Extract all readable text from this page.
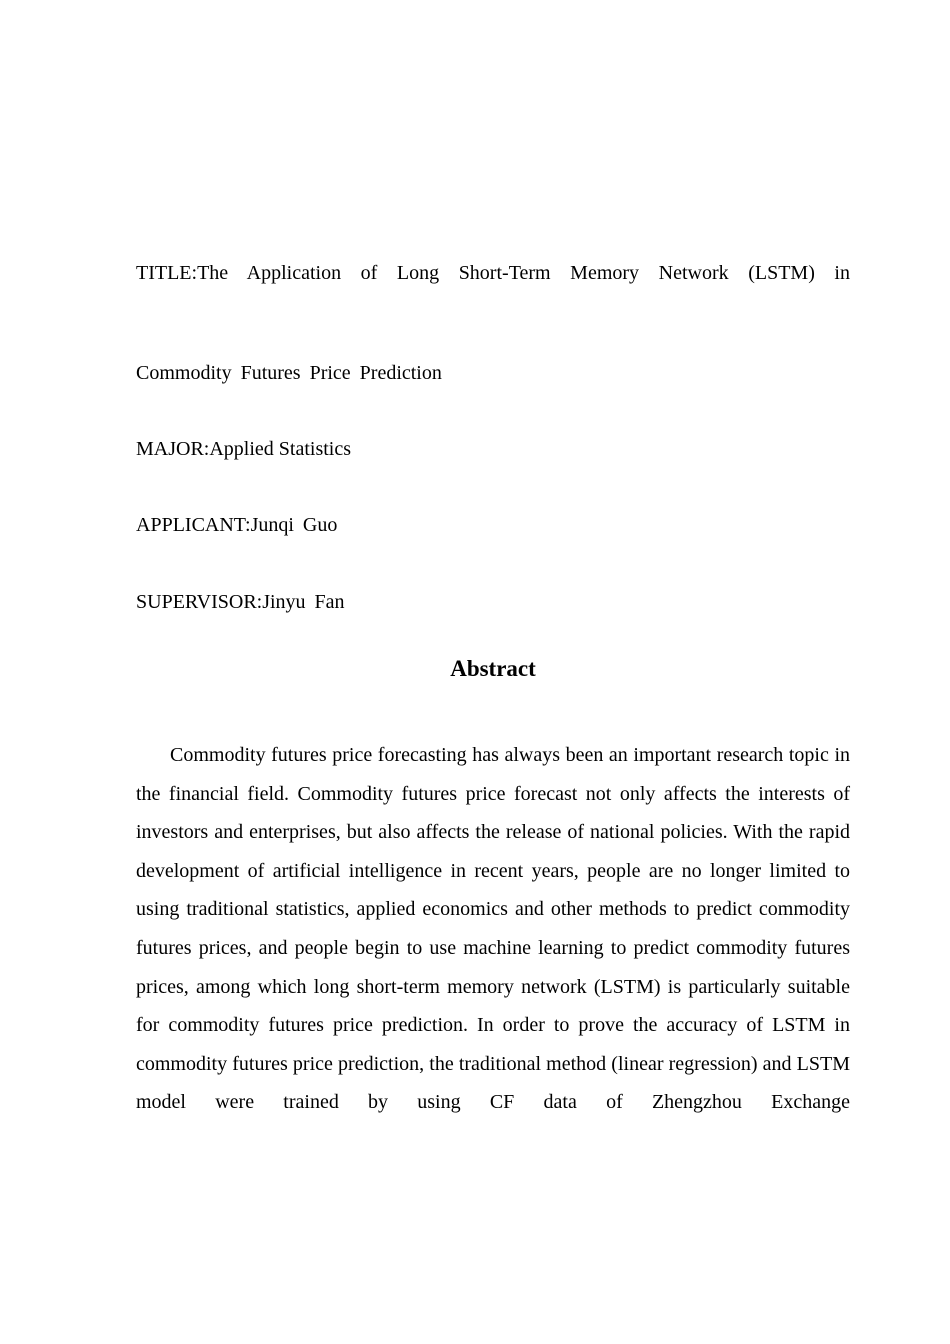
TITLE:The Application of Long Short-Term Memory Network (LSTM) in
Commodity Futures Price Prediction
MAJOR:Applied Statistics
APPLICANT:Junqi Guo
SUPERVISOR:Jinyu Fan
Abstract

Commodity futures price forecasting has always been an important research topic in the financial field. Commodity futures price forecast not only affects the interests of investors and enterprises, but also affects the release of national policies. With the rapid development of artificial intelligence in recent years, people are no longer limited to using traditional statistics, applied economics and other methods to predict commodity futures prices, and people begin to use machine learning to predict commodity futures prices, among which long short-term memory network (LSTM) is particularly suitable for commodity futures price prediction. In order to prove the accuracy of LSTM in commodity futures price prediction, the traditional method (linear regression) and LSTM model were trained by using CF data of Zhengzhou Exchange
